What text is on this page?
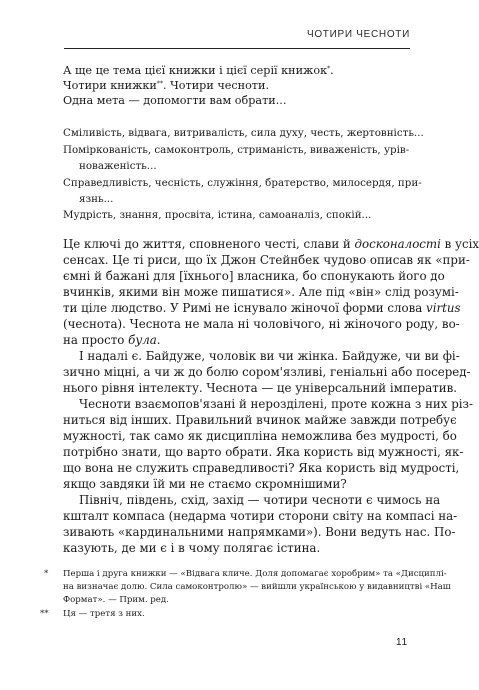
ЧОТИРИ ЧЕСНОТИ
А ще це тема цієї книжки і цієї серії книжок*.
Чотири книжки**. Чотири чесноти.
Одна мета — допомогти вам обрати...
Сміливість, відвага, витривалість, сила духу, честь, жертовність...
Поміркованість, самоконтроль, стриманість, виваженість, урів-
новаженість...
Справедливість, чесність, служіння, братерство, милосердя, при-
язнь...
Мудрість, знання, просвіта, істина, самоаналіз, спокій...
Це ключі до життя, сповненого честі, слави й досконалості в усіх
сенсах. Це ті риси, що їх Джон Стейнбек чудово описав як «при-
ємні й бажані для [їхнього] власника, бо спонукають його до
вчинків, якими він може пишатися». Але під «він» слід розумі-
ти ціле людство. У Римі не існувало жіночої форми слова virtus
(чеснота). Чеснота не мала ні чоловічого, ні жіночого роду, во-
на просто була.
І надалі є. Байдуже, чоловік ви чи жінка. Байдуже, чи ви фі-
зично міцні, а чи ж до болю сором'язливі, геніальні або посеред-
нього рівня інтелекту. Чеснота — це універсальний імператив.
Чесноти взаємопов'язані й нерозділені, проте кожна з них різ-
ниться від інших. Правильний вчинок майже завжди потребує
мужності, так само як дисципліна неможлива без мудрості, бо
потрібно знати, що варто обрати. Яка користь від мужності, як-
що вона не служить справедливості? Яка користь від мудрості,
якщо завдяки їй ми не стаємо скромнішими?
Північ, південь, схід, захід — чотири чесноти є чимось на
кшталт компаса (недарма чотири сторони світу на компасі на-
зивають «кардинальними напрямками»). Вони ведуть нас. По-
казують, де ми є і в чому полягає істина.
* Перша і друга книжки — «Відвага кличе. Доля допомагає хоробрим» та «Дисциплі-
на визначає долю. Сила самоконтролю» — вийшли українською у видавництві «Наш
Формат». — Прим. ред.
** Ця — третя з них.
11
